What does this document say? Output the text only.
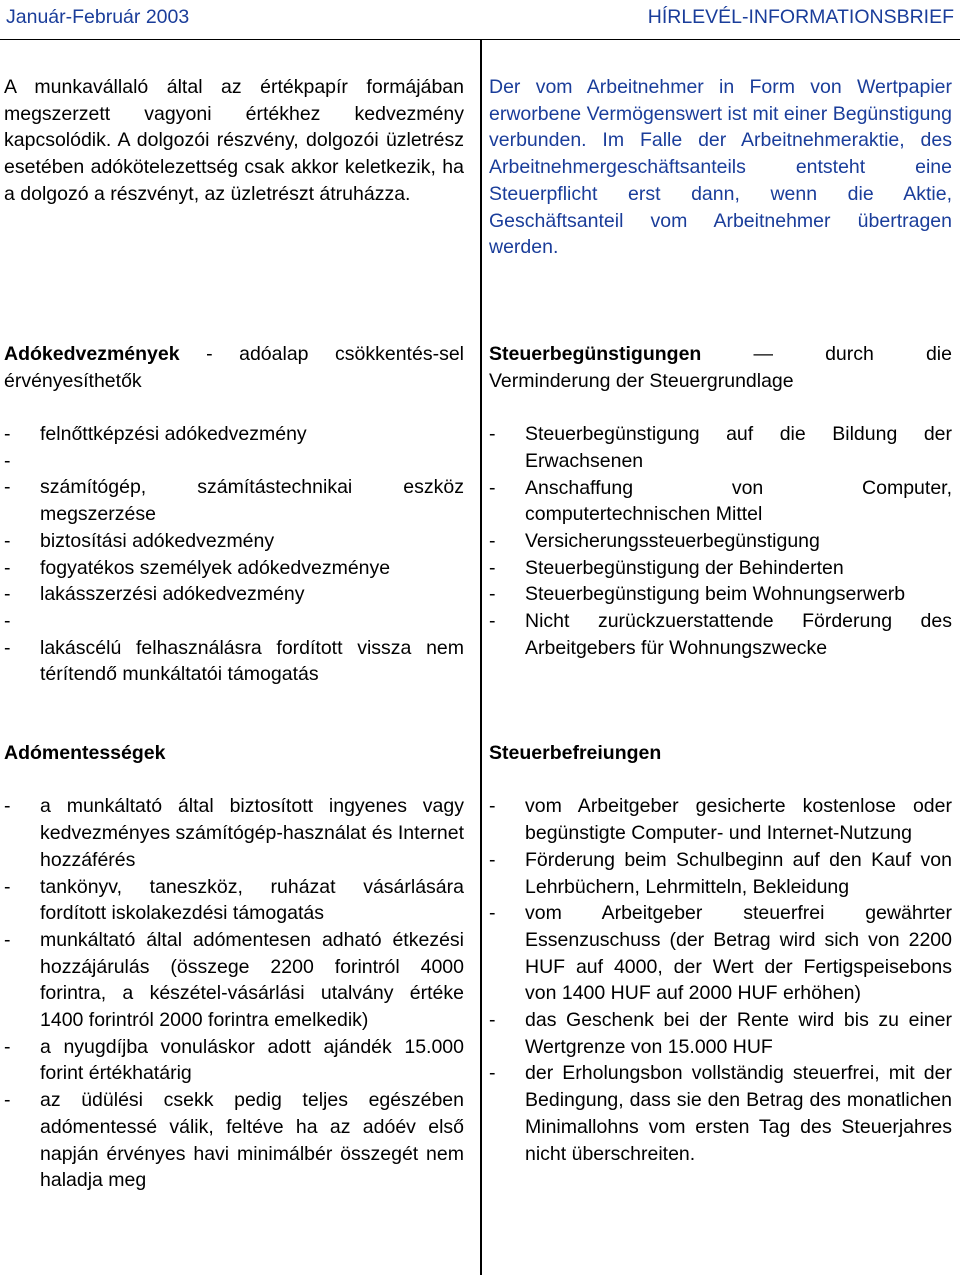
Január-Február 2003	HÍRLEVÉL-INFORMATIONSBRIEF
A munkavállaló által az értékpapír formájában megszerzett vagyoni értékhez kedvezmény kapcsolódik. A dolgozói részvény, dolgozói üzletrész esetében adókötelezettség csak akkor keletkezik, ha a dolgozó a részvényt, az üzletrészt átruházza.
Der vom Arbeitnehmer in Form von Wertpapier erworbene Vermögenswert ist mit einer Begünstigung verbunden. Im Falle der Arbeitnehmeraktie, des Arbeitnehmergeschäftsanteils entsteht eine Steuerpflicht erst dann, wenn die Aktie, Geschäftsanteil vom Arbeitnehmer übertragen werden.
Adókedvezmények - adóalap csökkentés-sel érvényesíthetők
- felnőttképzési adókedvezmény
-
- számítógép, számítástechnikai eszköz megszerzése
- biztosítási adókedvezmény
- fogyatékos személyek adókedvezménye
- lakásszerzési adókedvezmény
-
- lakáscélú felhasználásra fordított vissza nem térítendő munkáltatói támogatás
Steuerbegünstigungen	—	durch	die
Verminderung der Steuergrundlage
- Steuerbegünstigung auf die Bildung der Erwachsenen
- Anschaffung von Computer, computertechnischen Mittel
- Versicherungssteuerbegünstigung
- Steuerbegünstigung der Behinderten
- Steuerbegünstigung beim Wohnungserwerb
- Nicht zurückzuerstattende Förderung des Arbeitgebers für Wohnungszwecke
Adómentességek
- a munkáltató által biztosított ingyenes vagy kedvezményes számítógép-használat és Internet hozzáférés
- tankönyv, taneszköz, ruházat vásárlására fordított iskolakezdési támogatás
- munkáltató által adómentesen adható étkezési hozzájárulás (összege 2200 forintról 4000 forintra, a készétel-vásárlási utalvány értéke 1400 forintról 2000 forintra emelkedik)
- a nyugdíjba vonuláskor adott ajándék 15.000 forint értékhatárig
- az üdülési csekk pedig teljes egészében adómentessé válik, feltéve ha az adóév első napján érvényes havi minimálbér összegét nem haladja meg
Steuerbefreiungen
- vom Arbeitgeber gesicherte kostenlose oder begünstigte Computer- und Internet-Nutzung
- Förderung beim Schulbeginn auf den Kauf von Lehrbüchern, Lehrmitteln, Bekleidung
- vom Arbeitgeber steuerfrei gewährter Essenzuschuss (der Betrag wird sich von 2200 HUF auf 4000, der Wert der Fertigspeisebons von 1400 HUF auf 2000 HUF erhöhen)
- das Geschenk bei der Rente wird bis zu einer Wertgrenze von 15.000 HUF
- der Erholungsbon vollständig steuerfrei, mit der Bedingung, dass sie den Betrag des monatlichen Minimallohns vom ersten Tag des Steuerjahres nicht überschreiten.
